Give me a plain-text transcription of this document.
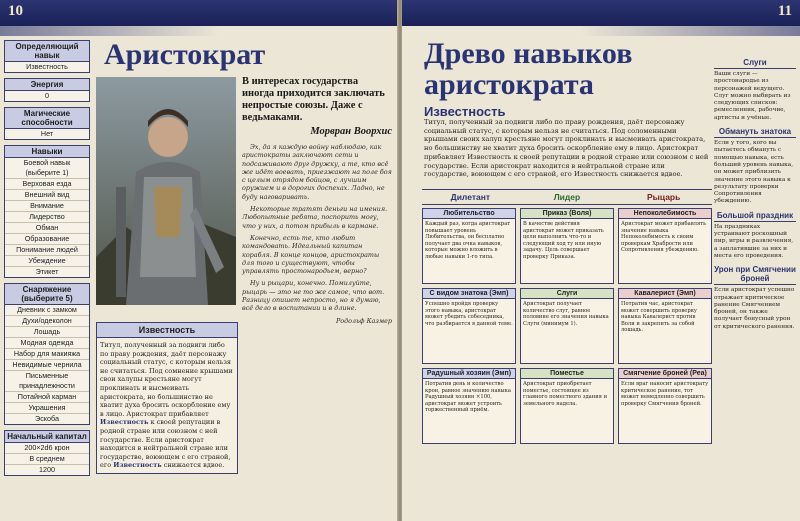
10
Определяющий навык
Известность
Энергия
0
Магические способности
Нет
Навыки
Боевой навык (выберите 1)
Верховая езда
Внешний вид
Внимание
Лидерство
Обман
Образование
Понимание людей
Убеждение
Этикет
Снаряжение (выберите 5)
Дневник с замком
Духи/одеколон
Лошадь
Модная одежда
Набор для макияжа
Невидимые чернила
Письменные принадлежности
Потайной карман
Украшения
Эскоба
Начальный капитал
200×2d6 крон
В среднем
1200
Аристократ
В интересах государства иногда приходится заключать непростые союзы. Даже с ведьмаками.
Морвран Воорхис

Эх, да я каждую войну наблюдаю, как аристократы заключают сети и подсаживают друг дружку, а те, кто всё же идёт воевать, приезжают на поле боя с целым отрядом бойцов, с лучшим оружием и в дорогих доспехах. Ладно, не буду наговаривать.

Некоторые тратят деньги на имения. Любопытные ребята, поспорить могу, что у них, а потом прибыль в кармане.

Конечно, есть те, кто любит командовать. Идеальный капитан корабля. В конце концов, аристократы для того и существуют, чтобы управлять простонародьем, верно?

Ну и рыцари, конечно. Помилуйте, рыцарь — это не то же самое, что вот. Разницу опишет непросто, но я думаю, всё дело в воспитании и в длине.

Родольф Казмер
Известность
Титул, полученный за подвиги либо по праву рождения, даёт персонажу социальный статус, с которым нельзя не считаться. Под сомнение крышами свои халупы крестьяне могут проклинать и высмеивать аристократа, но большинство не хватит духа бросить оскорбление ему в лицо. Аристократ прибавляет Известность к своей репутации в родной стране или союзном с ней государстве. Если аристократ находится в нейтральной стране или государстве, воюющем с его страной, его Известность снижается вдвое.
11
Древо навыков аристократа
Известность
Титул, полученный за подвиги либо по праву рождения, даёт персонажу социальный статус, с которым нельзя не считаться. Под соломенными крышами своих халуп крестьяне могут проклинать и высмеивать аристократа, но большинству не хватит духа бросить оскорбление ему в лицо. Аристократ прибавляет Известность к своей репутации в родной стране или союзном с ней государстве. Если аристократ находится в нейтральной стране или государстве, воюющем с его страной, его Известность снижается вдвое.
Дилетант	Лидер	Рыцарь
Любительство
Каждый раз, когда аристократ повышает уровень Любительства, он бесплатно получает два очка навыков, которые можно вложить в любые навыки 1-го типа.
Приказ (Воля)
В качестве действия аристократ может приказать цели выполнить что-то и следующий ход ту или иную задачу. Цель совершает проверку Приказа.
Непоколебимость
Аристократ может прибавлять значение навыка Непоколебимость к своим проверкам Храбрости или Сопротивления убеждению.
С видом знатока (Эмп)
Успешно пройдя проверку этого навыка, аристократ может убедить собеседника, что разбирается в данной теме.
Слуги
Аристократ получает количество слуг, равное половине его значения навыка Слуги (минимум 1).
Кавалерист (Эмп)
Потратив час, аристократ может совершить проверку навыка Кавалерист против Воли и закрепить за собой лошадь.
Радушный хозяин (Эмп)
Потратив день и количество крон, равное значению навыка Радушный хозяин ×100, аристократ может устроить торжественный приём.
Поместье
Аристократ приобретает поместье, состоящее из главного поместного здания и земельного надела.
Смягчение броней (Реа)
Если враг наносит аристократу критическое ранение, тот может немедленно совершить проверку Смягчения броней.
Слуги
Ваши слуги — простонародье из персонажей ведущего. Слуг можно выбирать из следующих списков: ремесленник, рабочие, артисты и учёные.
Обмануть знатока
Если у того, кого вы пытаетесь обмануть с помощью навыка, есть больший уровень навыка, он может приблизить значение этого навыка к результату проверки Сопротивления убеждению.
Большой праздник
На праздниках устраивают роскошный пир, игры и развлечения, а заплатившие за них и места его проведения.
Урон при Смягчении броней
Если аристократ успешно отражает критическое ранение Смягчением броней, он также получает бонусный урон от критического ранения.
